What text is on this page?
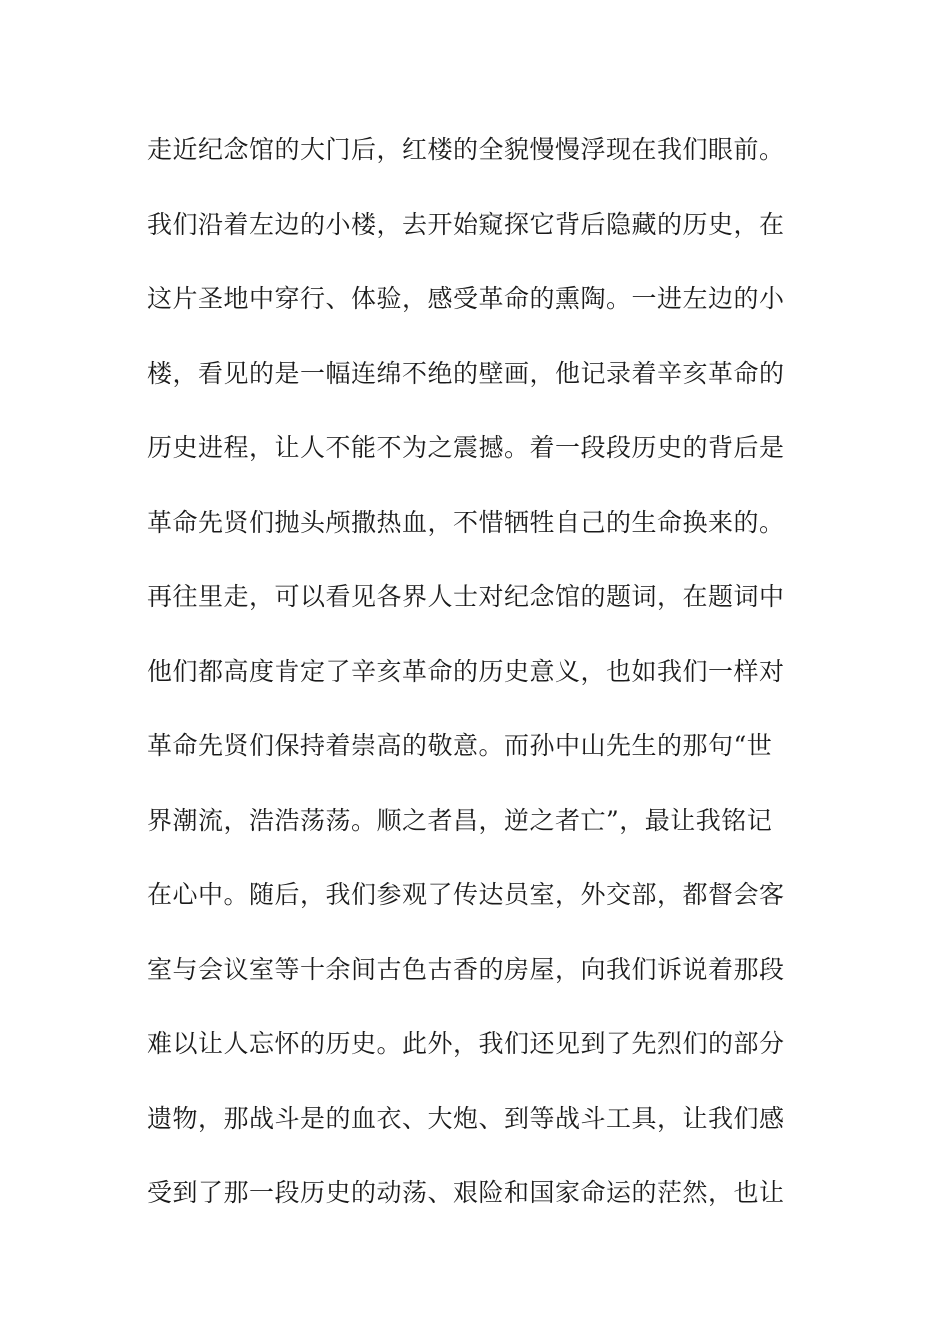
走近纪念馆的大门后，红楼的全貌慢慢浮现在我们眼前。
我们沿着左边的小楼，去开始窥探它背后隐藏的历史，在
这片圣地中穿行、体验，感受革命的熏陶。一进左边的小
楼，看见的是一幅连绵不绝的壁画，他记录着辛亥革命的
历史进程，让人不能不为之震撼。着一段段历史的背后是
革命先贤们抛头颅撒热血，不惜牺牲自己的生命换来的。
再往里走，可以看见各界人士对纪念馆的题词，在题词中
他们都高度肯定了辛亥革命的历史意义，也如我们一样对
革命先贤们保持着崇高的敬意。而孙中山先生的那句“世
界潮流，浩浩荡荡。顺之者昌，逆之者亡”，最让我铭记
在心中。随后，我们参观了传达员室，外交部，都督会客
室与会议室等十余间古色古香的房屋，向我们诉说着那段
难以让人忘怀的历史。此外，我们还见到了先烈们的部分
遗物，那战斗是的血衣、大炮、到等战斗工具，让我们感
受到了那一段历史的动荡、艰险和国家命运的茫然，也让
